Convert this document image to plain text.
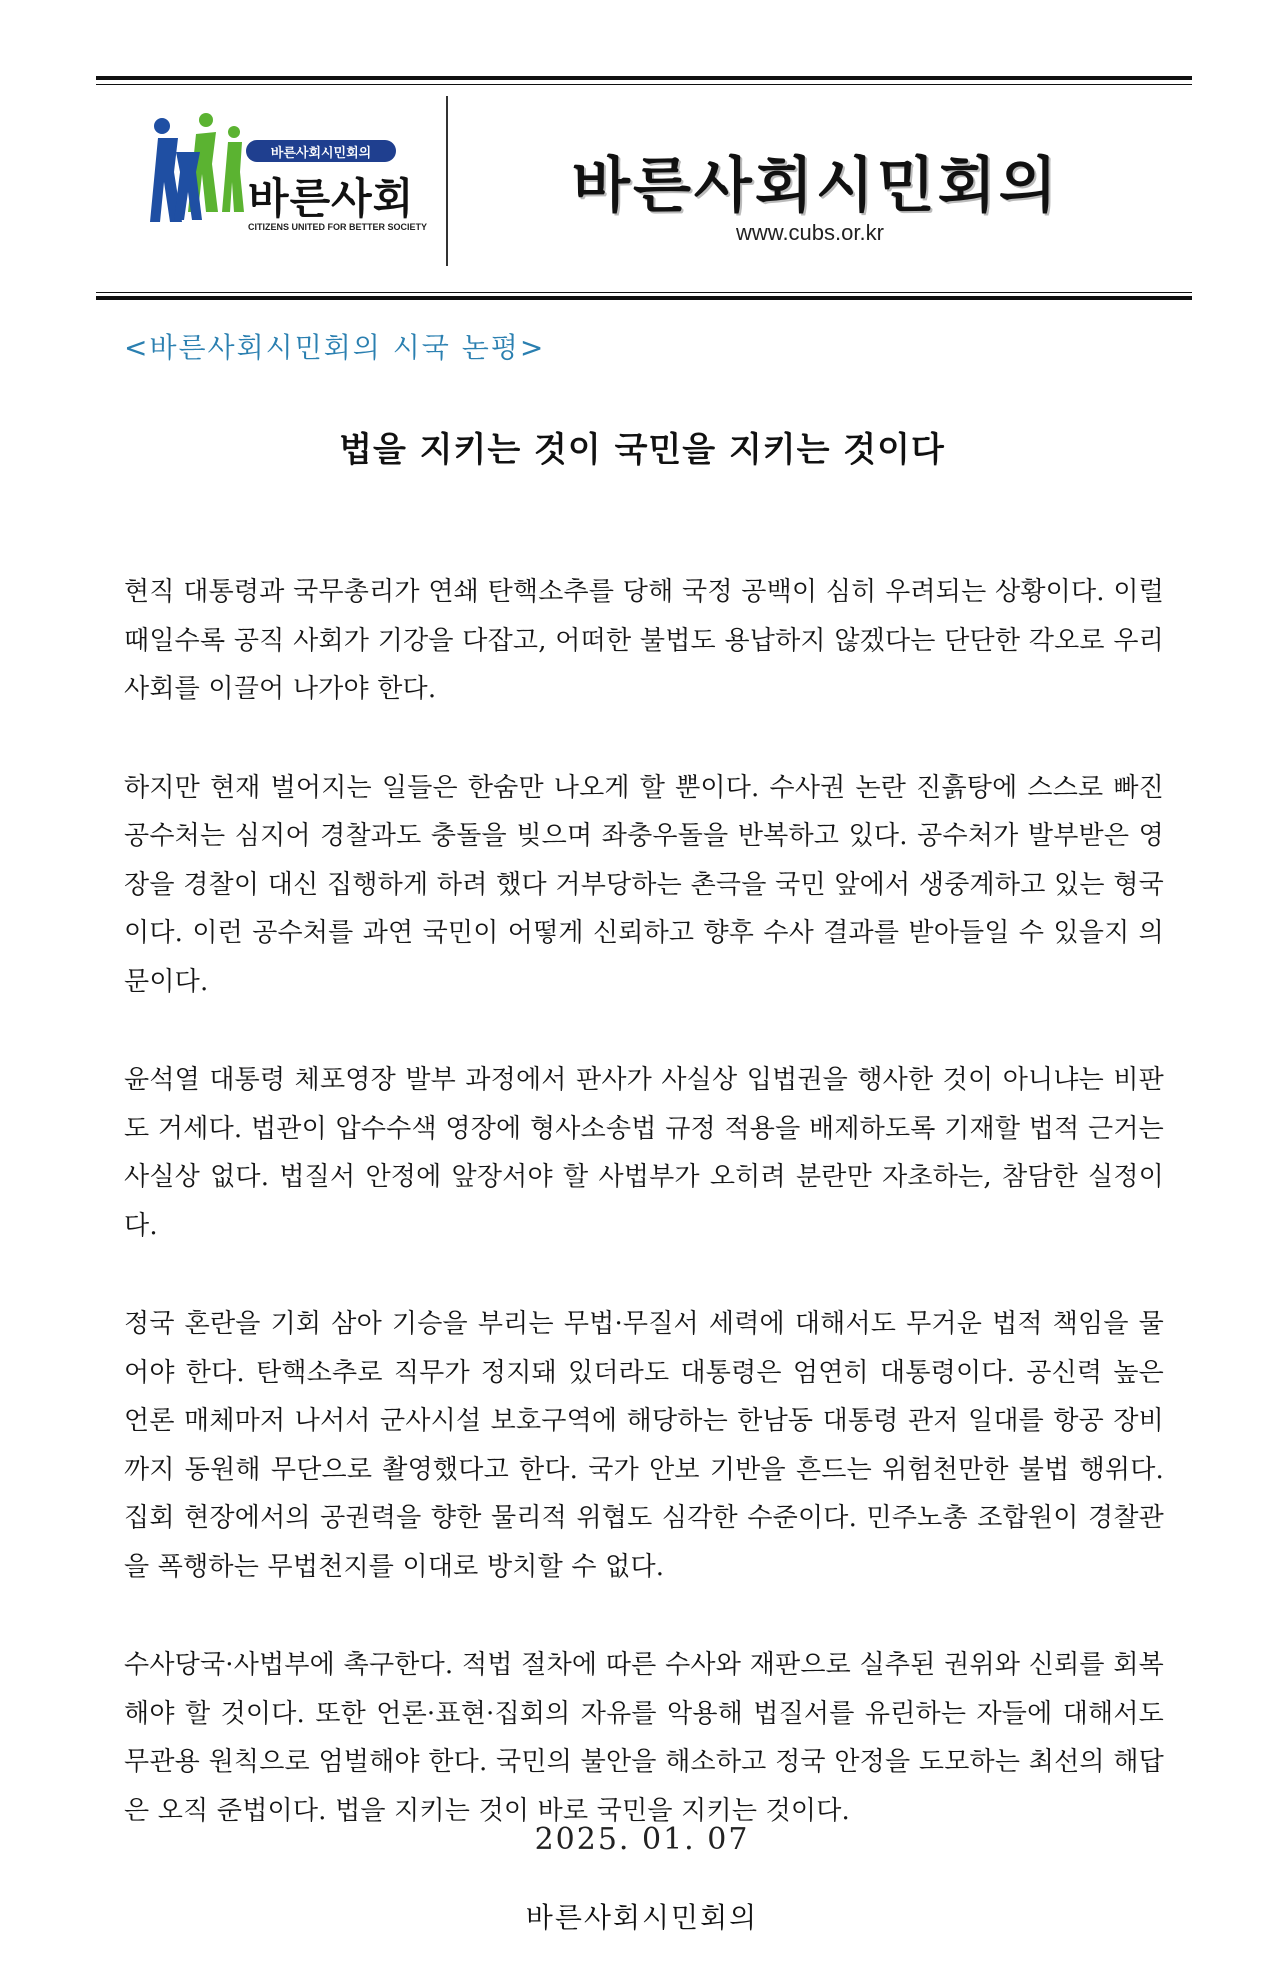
바른사회시민회의
바른사회
CITIZENS UNITED FOR BETTER SOCIETY
바른사회시민회의
www.cubs.or.kr
<바른사회시민회의 시국 논평>
법을 지키는 것이 국민을 지키는 것이다

현직 대통령과 국무총리가 연쇄 탄핵소추를 당해 국정 공백이 심히 우려되는 상황이다. 이럴 때일수록 공직 사회가 기강을 다잡고, 어떠한 불법도 용납하지 않겠다는 단단한 각오로 우리 사회를 이끌어 나가야 한다.

하지만 현재 벌어지는 일들은 한숨만 나오게 할 뿐이다. 수사권 논란 진흙탕에 스스로 빠진 공수처는 심지어 경찰과도 충돌을 빚으며 좌충우돌을 반복하고 있다. 공수처가 발부받은 영장을 경찰이 대신 집행하게 하려 했다 거부당하는 촌극을 국민 앞에서 생중계하고 있는 형국이다. 이런 공수처를 과연 국민이 어떻게 신뢰하고 향후 수사 결과를 받아들일 수 있을지 의문이다.

윤석열 대통령 체포영장 발부 과정에서 판사가 사실상 입법권을 행사한 것이 아니냐는 비판도 거세다. 법관이 압수수색 영장에 형사소송법 규정 적용을 배제하도록 기재할 법적 근거는 사실상 없다. 법질서 안정에 앞장서야 할 사법부가 오히려 분란만 자초하는, 참담한 실정이다.

정국 혼란을 기회 삼아 기승을 부리는 무법·무질서 세력에 대해서도 무거운 법적 책임을 물어야 한다. 탄핵소추로 직무가 정지돼 있더라도 대통령은 엄연히 대통령이다. 공신력 높은 언론 매체마저 나서서 군사시설 보호구역에 해당하는 한남동 대통령 관저 일대를 항공 장비까지 동원해 무단으로 촬영했다고 한다. 국가 안보 기반을 흔드는 위험천만한 불법 행위다. 집회 현장에서의 공권력을 향한 물리적 위협도 심각한 수준이다. 민주노총 조합원이 경찰관을 폭행하는 무법천지를 이대로 방치할 수 없다.

수사당국·사법부에 촉구한다. 적법 절차에 따른 수사와 재판으로 실추된 권위와 신뢰를 회복해야 할 것이다. 또한 언론·표현·집회의 자유를 악용해 법질서를 유린하는 자들에 대해서도 무관용 원칙으로 엄벌해야 한다. 국민의 불안을 해소하고 정국 안정을 도모하는 최선의 해답은 오직 준법이다. 법을 지키는 것이 바로 국민을 지키는 것이다.

2025. 01. 07
바른사회시민회의
